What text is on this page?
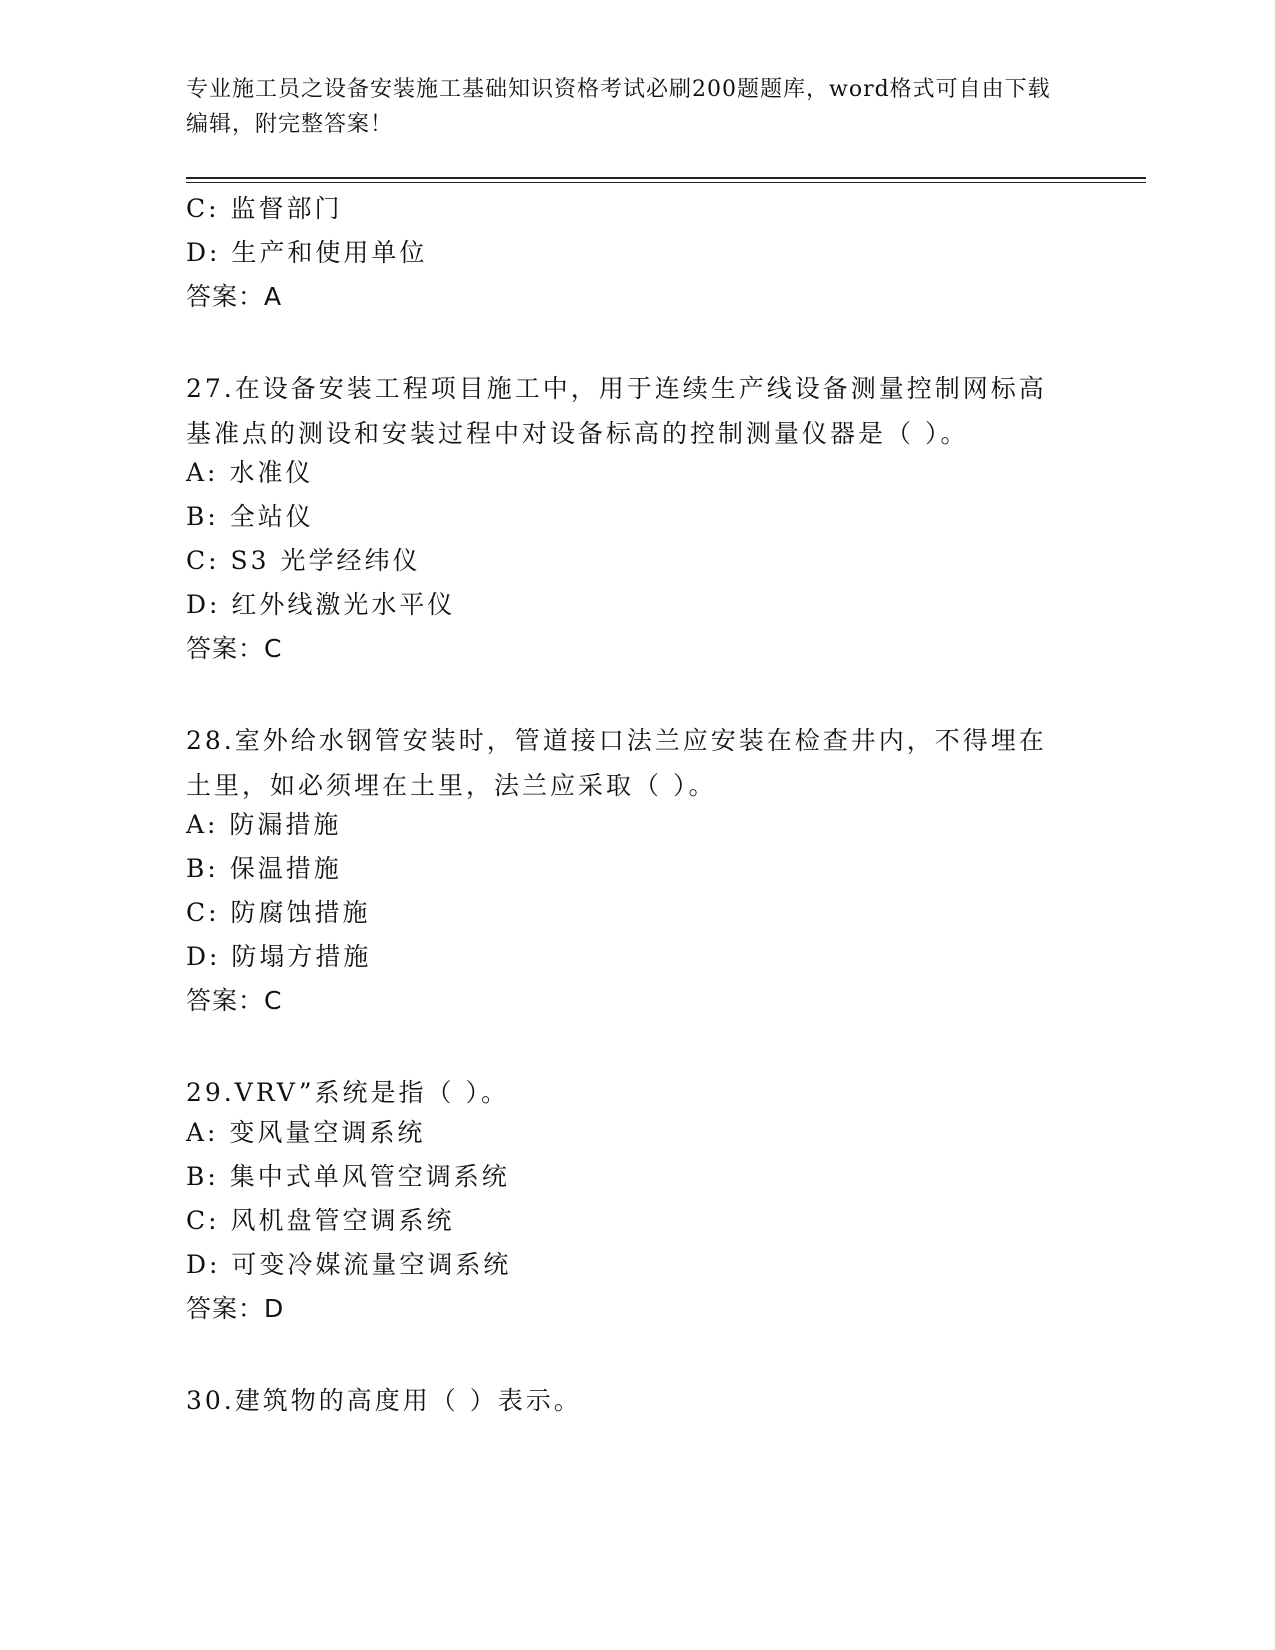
专业施工员之设备安装施工基础知识资格考试必刷200题题库，word格式可自由下载编辑，附完整答案！
C: 监督部门
D: 生产和使用单位
答案：A
27.在设备安装工程项目施工中，用于连续生产线设备测量控制网标高基准点的测设和安装过程中对设备标高的控制测量仪器是（ ）。
A: 水准仪
B: 全站仪
C: S3 光学经纬仪
D: 红外线激光水平仪
答案：C
28.室外给水钢管安装时，管道接口法兰应安装在检查井内，不得埋在土里，如必须埋在土里，法兰应采取（ ）。
A: 防漏措施
B: 保温措施
C: 防腐蚀措施
D: 防塌方措施
答案：C
29.VRV”系统是指（ ）。
A: 变风量空调系统
B: 集中式单风管空调系统
C: 风机盘管空调系统
D: 可变冷媒流量空调系统
答案：D
30.建筑物的高度用（ ）表示。
